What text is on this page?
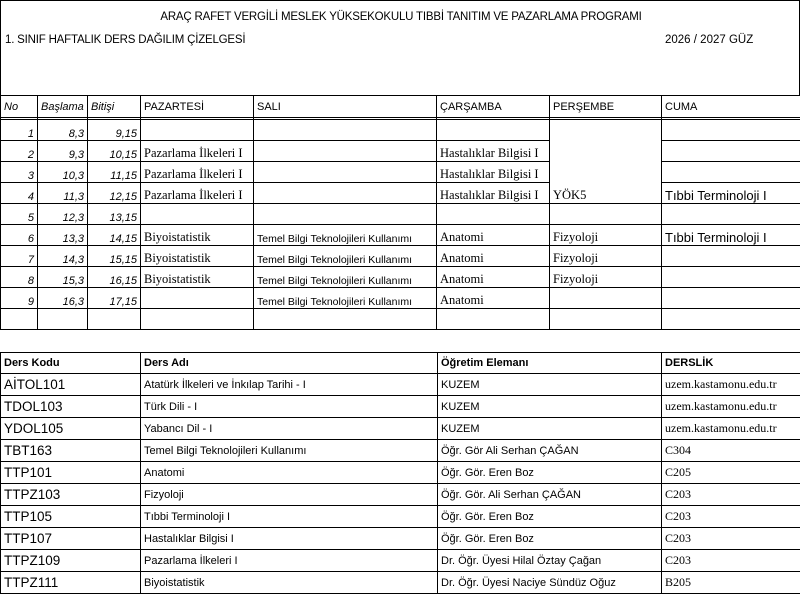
ARAÇ RAFET VERGİLİ MESLEK YÜKSEKOKULU TIBBİ TANITIM VE PAZARLAMA PROGRAMI
1. SINIF HAFTALIK DERS DAĞILIM ÇİZELGESİ	2026 / 2027 GÜZ
No	Başlama	Bitişi	PAZARTESİ	SALI	ÇARŞAMBA	PERŞEMBE	CUMA

1	8,3	9,15				YÖK5	
2	9,3	10,15	Pazarlama İlkeleri I		Hastalıklar Bilgisi I		
3	10,3	11,15	Pazarlama İlkeleri I		Hastalıklar Bilgisi I		
4	11,3	12,15	Pazarlama İlkeleri I		Hastalıklar Bilgisi I		Tıbbi Terminoloji I
5	12,3	13,15					
6	13,3	14,15	Biyoistatistik	Temel Bilgi Teknolojileri Kullanımı	Anatomi	Fizyoloji	Tıbbi Terminoloji I
7	14,3	15,15	Biyoistatistik	Temel Bilgi Teknolojileri Kullanımı	Anatomi	Fizyoloji	
8	15,3	16,15	Biyoistatistik	Temel Bilgi Teknolojileri Kullanımı	Anatomi	Fizyoloji	
9	16,3	17,15		Temel Bilgi Teknolojileri Kullanımı	Anatomi		

Ders Kodu	Ders Adı	Öğretim Elemanı	DERSLİK
AİTOL101	Atatürk İlkeleri ve İnkılap Tarihi - I	KUZEM	uzem.kastamonu.edu.tr
TDOL103	Türk Dili - I	KUZEM	uzem.kastamonu.edu.tr
YDOL105	Yabancı Dil - I	KUZEM	uzem.kastamonu.edu.tr
TBT163	Temel Bilgi Teknolojileri Kullanımı	Öğr. Gör Ali Serhan ÇAĞAN	C304
TTP101	Anatomi	Öğr. Gör. Eren Boz	C205
TTPZ103	Fizyoloji	Öğr. Gör. Ali Serhan ÇAĞAN	C203
TTP105	Tıbbi Terminoloji I	Öğr. Gör. Eren Boz	C203
TTP107	Hastalıklar Bilgisi I	Öğr. Gör. Eren Boz	C203
TTPZ109	Pazarlama İlkeleri I	Dr. Öğr. Üyesi Hilal Öztay Çağan	C203
TTPZ111	Biyoistatistik	Dr. Öğr. Üyesi Naciye Sündüz Oğuz	B205
